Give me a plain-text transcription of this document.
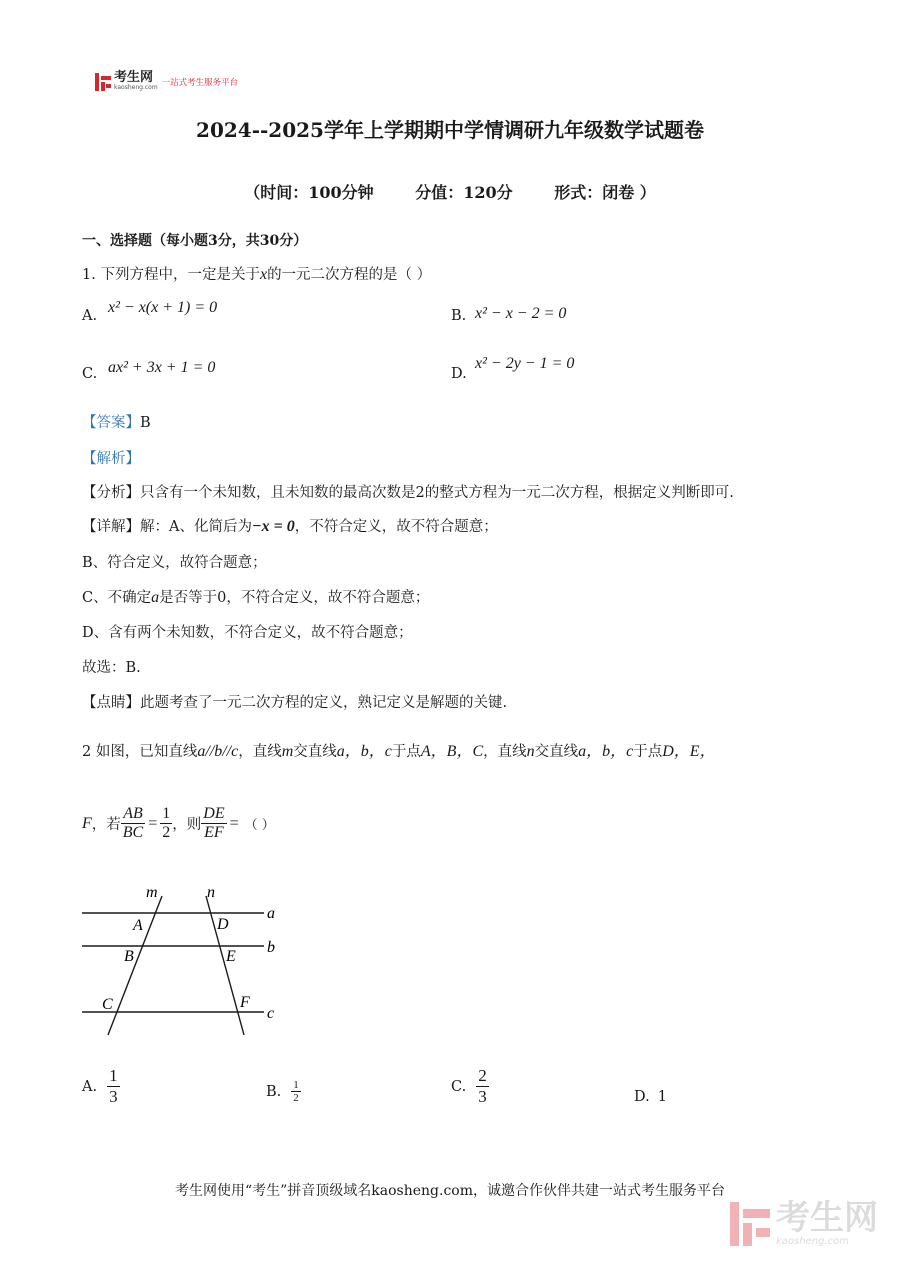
考生网
kaosheng.com 一站式考生服务平台
2024--2025学年上学期期中学情调研九年级数学试题卷
（时间：100分钟	分值：120分	形式：闭卷 ）
一、选择题（每小题3分，共30分）
1. 下列方程中，一定是关于x的一元二次方程的是（ ）
A. x² − x(x + 1) = 0	B. x² − x − 2 = 0
C. ax² + 3x + 1 = 0	D.
x² − 2y − 1 = 0
【答案】B
【解析】
【分析】只含有一个未知数，且未知数的最高次数是2的整式方程为一元二次方程，根据定义判断即可.
【详解】解：A、化简后为−x = 0，不符合定义，故不符合题意；
B、符合定义，故符合题意；
C、不确定a是否等于0，不符合定义，故不符合题意；
D、含有两个未知数，不符合定义，故不符合题意；
故选：B.
【点睛】此题考查了一元二次方程的定义，熟记定义是解题的关键.
2 如图，已知直线a//b//c，直线m交直线a，b，c于点A，B，C，直线n交直线a，b，c于点D，E，
F ，若 $\frac{AB}{BC} = \frac{1}{2}$ ，则 $\frac{DE}{EF}$ = （ ）
m	n
a
b
c
A
B
C
D
E
F
A. $\frac{1}{3}$	B. $\frac{1}{2}$	C. $\frac{2}{3}$	D. 1
考生网使用“考生”拼音顶级域名kaosheng.com，诚邀合作伙伴共建一站式考生服务平台
考生网
kaosheng.com
